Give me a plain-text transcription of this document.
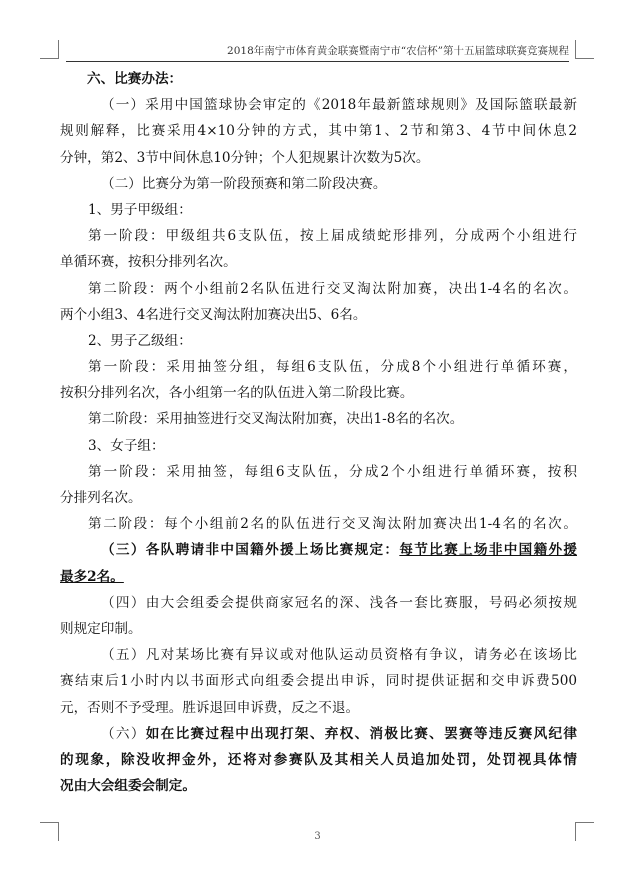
2018年南宁市体育黄金联赛暨南宁市“农信杯”第十五届篮球联赛竞赛规程
六、比赛办法：
（一）采用中国篮球协会审定的《2018年最新篮球规则》及国际篮联最新
规则解释，比赛采用4×10分钟的方式，其中第1、2节和第3、4节中间休息2
分钟，第2、3节中间休息10分钟；个人犯规累计次数为5次。
（二）比赛分为第一阶段预赛和第二阶段决赛。
1、男子甲级组：
第一阶段：甲级组共6支队伍，按上届成绩蛇形排列，分成两个小组进行
单循环赛，按积分排列名次。
第二阶段：两个小组前2名队伍进行交叉淘汰附加赛，决出1-4名的名次。
两个小组3、4名进行交叉淘汰附加赛决出5、6名。
2、男子乙级组：
第一阶段：采用抽签分组，每组6支队伍，分成8个小组进行单循环赛，
按积分排列名次，各小组第一名的队伍进入第二阶段比赛。
第二阶段：采用抽签进行交叉淘汰附加赛，决出1-8名的名次。
3、女子组：
第一阶段：采用抽签，每组6支队伍，分成2个小组进行单循环赛，按积
分排列名次。
第二阶段：每个小组前2名的队伍进行交叉淘汰附加赛决出1-4名的名次。
（三）各队聘请非中国籍外援上场比赛规定：每节比赛上场非中国籍外援
最多2名。
（四）由大会组委会提供商家冠名的深、浅各一套比赛服，号码必须按规
则规定印制。
（五）凡对某场比赛有异议或对他队运动员资格有争议，请务必在该场比
赛结束后1小时内以书面形式向组委会提出申诉，同时提供证据和交申诉费500
元，否则不予受理。胜诉退回申诉费，反之不退。
（六）如在比赛过程中出现打架、弃权、消极比赛、罢赛等违反赛风纪律
的现象，除没收押金外，还将对参赛队及其相关人员追加处罚，处罚视具体情
况由大会组委会制定。
3
